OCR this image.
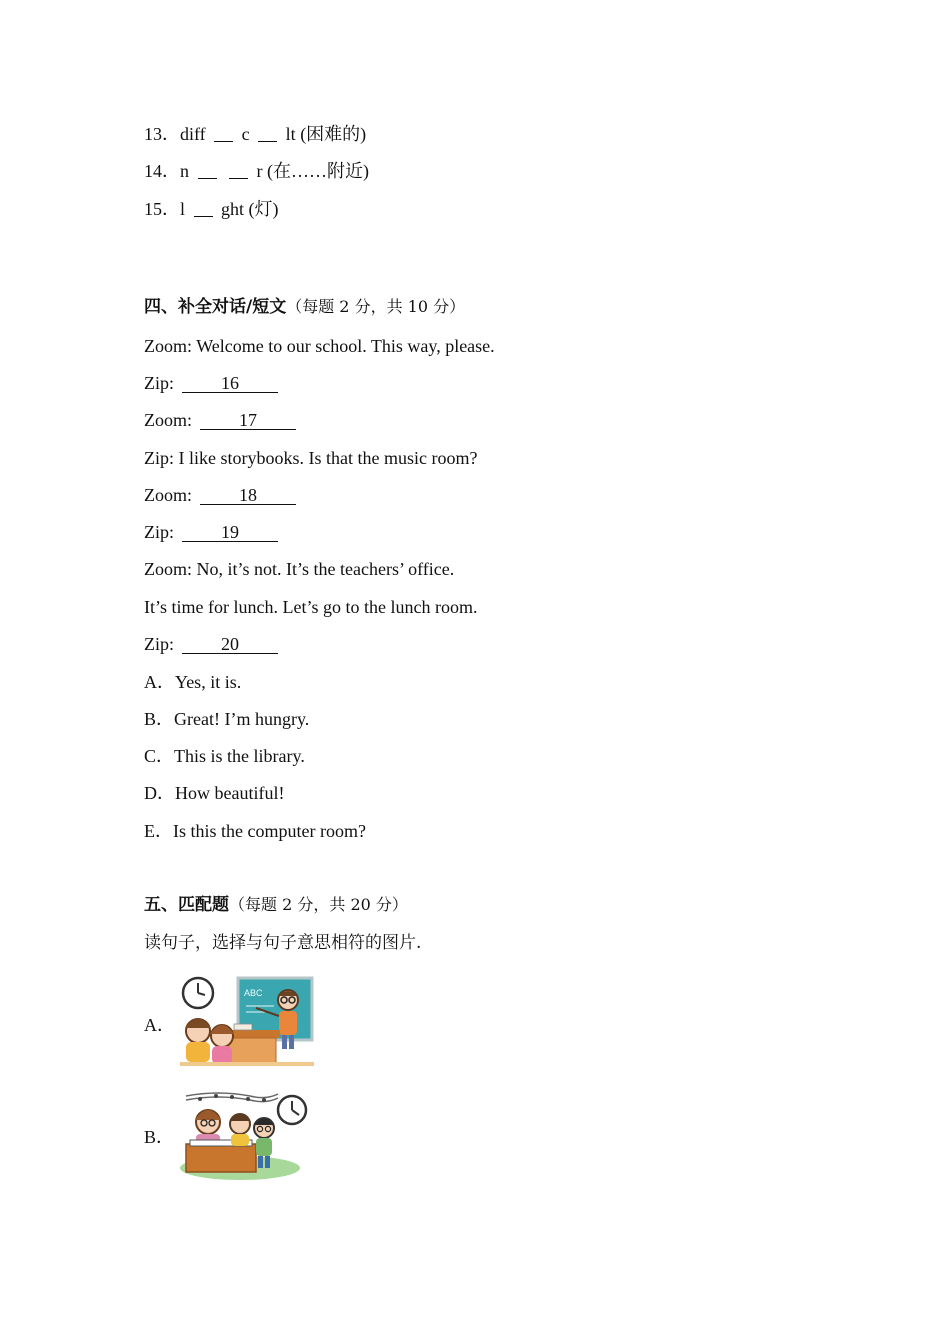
13．diff c lt (困难的)
14．n	r (在……附近)
15．l ght (灯)
四、补全对话/短文（每题 2 分，共 10 分）
Zoom: Welcome to our school. This way, please.
Zip:	16
Zoom:	17
Zip: I like storybooks. Is that the music room?
Zoom:	18
Zip:	19
Zoom: No, it’s not. It’s the teachers’ office.
It’s time for lunch. Let’s go to the lunch room.
Zip:	20
A．Yes, it is.
B．Great! I’m hungry.
C．This is the library.
D．How beautiful!
E．Is this the computer room?
五、匹配题（每题 2 分，共 20 分）
读句子，选择与句子意思相符的图片.
A．
ABC
B．
